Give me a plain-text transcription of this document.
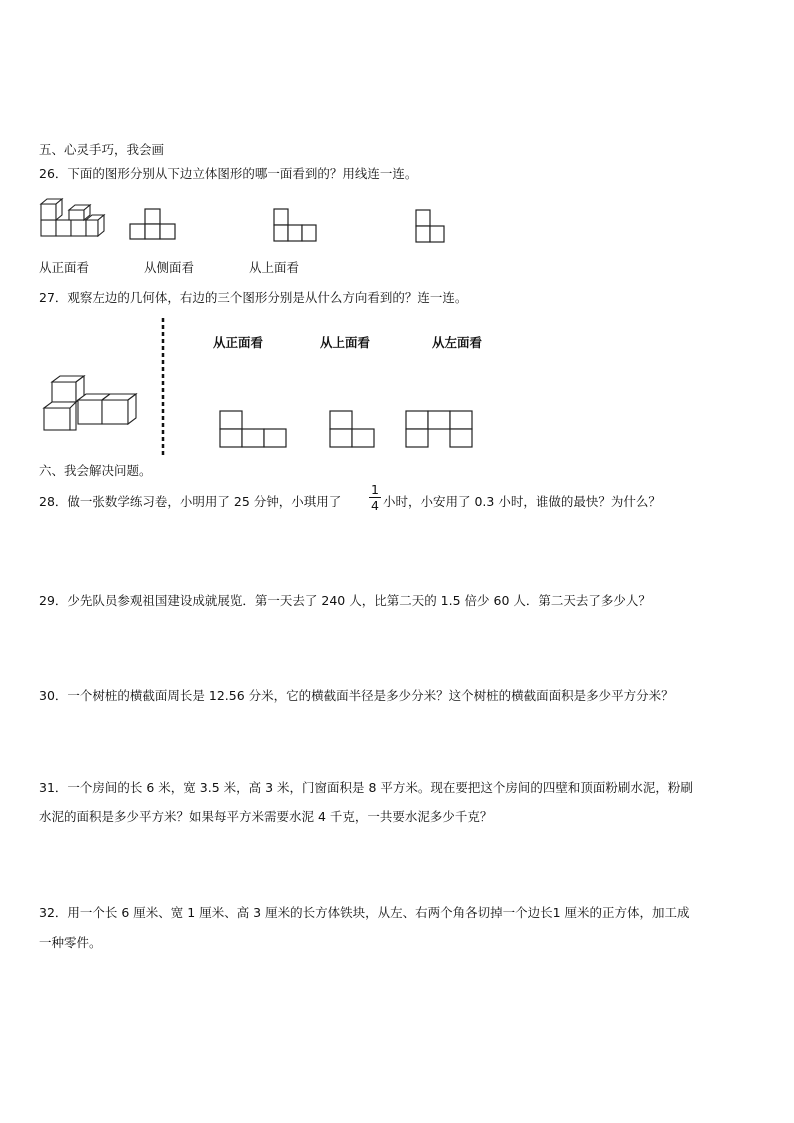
五、心灵手巧，我会画
26．下面的图形分别从下边立体图形的哪一面看到的？用线连一连。
从正面看	从侧面看	从上面看
27．观察左边的几何体，右边的三个图形分别是从什么方向看到的？连一连。
从正面看	从上面看	从左面看
六、我会解决问题。
28．做一张数学练习卷，小明用了 25 分钟，小琪用了
1
4 小时，小安用了 0.3 小时，谁做的最快？为什么？
29．少先队员参观祖国建设成就展览．第一天去了 240 人，比第二天的 1.5 倍少 60 人．第二天去了多少人？
30．一个树桩的横截面周长是 12.56 分米，它的横截面半径是多少分米？这个树桩的横截面面积是多少平方分米？
31．一个房间的长 6 米，宽 3.5 米，高 3 米，门窗面积是 8 平方米。现在要把这个房间的四壁和顶面粉刷水泥，粉刷
水泥的面积是多少平方米？如果每平方米需要水泥 4 千克，一共要水泥多少千克？
32．用一个长 6 厘米、宽 1 厘米、高 3 厘米的长方体铁块，从左、右两个角各切掉一个边长1 厘米的正方体，加工成
一种零件。
